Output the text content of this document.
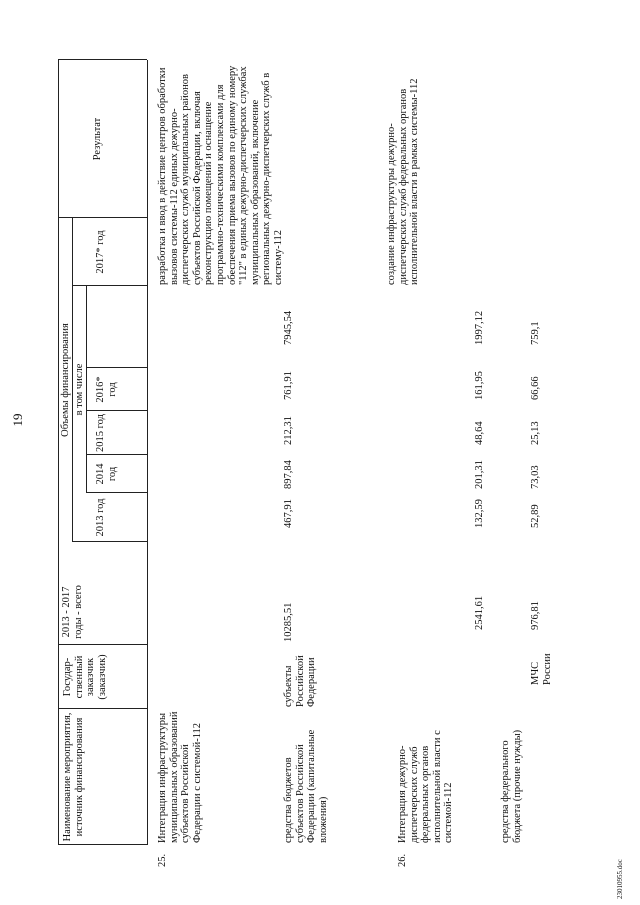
19
Наименование мероприятия, источник финансирования
Государ-ственный заказчик (заказчик)
2013 - 2017 годы - всего
Объемы финансирования в том числе
2013 год
2014 год
2015 год
2016* год
2017* год
Результат
25.
Интеграция инфраструктуры муниципальных образований субъектов Российской Федерации с системой-112
разработка и ввод в действие центров обработки вызовов системы-112 единых дежурно-диспетчерских служб муниципальных районов субъектов Российской Федерации, включая реконструкцию помещений и оснащение программно-техническими комплексами для обеспечения приема вызовов по единому номеру "112" в единых дежурно-диспетчерских службах муниципальных образований, включение региональных дежурно-диспетчерских служб в систему-112
средства бюджетов субъектов Российской Федерации (капитальные вложения)
субъекты Российской Федерации
10285,51
467,91
897,84
212,31
761,91
7945,54
26.
Интеграция дежурно-диспетчерских служб федеральных органов исполнительной власти с системой-112
2541,61
132,59
201,31
48,64
161,95
1997,12
создание инфраструктуры дежурно-диспетчерских служб федеральных органов исполнительной власти в рамках системы-112
средства федерального бюджета (прочие нужды)
МЧС России
976,81
52,89
73,03
25,13
66,66
759,1
23010955.doc
